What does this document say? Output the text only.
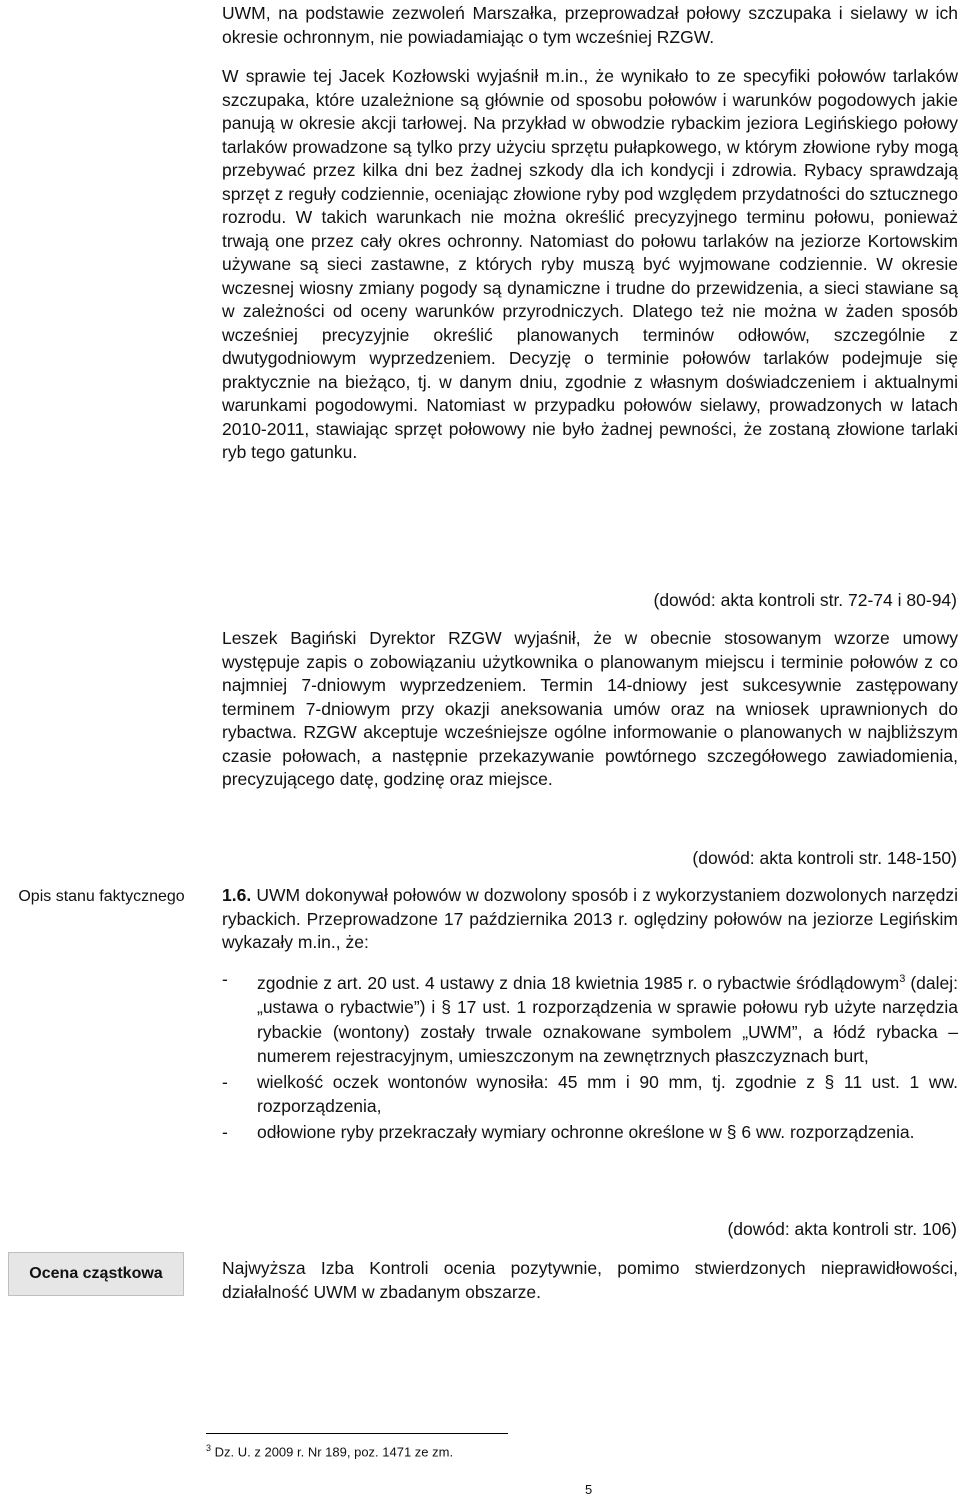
UWM, na podstawie zezwoleń Marszałka, przeprowadzał połowy szczupaka i sielawy w ich okresie ochronnym, nie powiadamiając o tym wcześniej RZGW.

W sprawie tej Jacek Kozłowski wyjaśnił m.in., że wynikało to ze specyfiki połowów tarlaków szczupaka, które uzależnione są głównie od sposobu połowów i warunków pogodowych jakie panują w okresie akcji tarłowej. Na przykład w obwodzie rybackim jeziora Legińskiego połowy tarlaków prowadzone są tylko przy użyciu sprzętu pułapkowego, w którym złowione ryby mogą przebywać przez kilka dni bez żadnej szkody dla ich kondycji i zdrowia. Rybacy sprawdzają sprzęt z reguły codziennie, oceniając złowione ryby pod względem przydatności do sztucznego rozrodu. W takich warunkach nie można określić precyzyjnego terminu połowu, ponieważ trwają one przez cały okres ochronny. Natomiast do połowu tarlaków na jeziorze Kortowskim używane są sieci zastawne, z których ryby muszą być wyjmowane codziennie. W okresie wczesnej wiosny zmiany pogody są dynamiczne i trudne do przewidzenia, a sieci stawiane są w zależności od oceny warunków przyrodniczych. Dlatego też nie można w żaden sposób wcześniej precyzyjnie określić planowanych terminów odłowów, szczególnie z dwutygodniowym wyprzedzeniem. Decyzję o terminie połowów tarlaków podejmuje się praktycznie na bieżąco, tj. w danym dniu, zgodnie z własnym doświadczeniem i aktualnymi warunkami pogodowymi. Natomiast w przypadku połowów sielawy, prowadzonych w latach 2010-2011, stawiając sprzęt połowowy nie było żadnej pewności, że zostaną złowione tarlaki ryb tego gatunku.

(dowód: akta kontroli str. 72-74 i 80-94)

Leszek Bagiński Dyrektor RZGW wyjaśnił, że w obecnie stosowanym wzorze umowy występuje zapis o zobowiązaniu użytkownika o planowanym miejscu i terminie połowów z co najmniej 7-dniowym wyprzedzeniem. Termin 14-dniowy jest sukcesywnie zastępowany terminem 7-dniowym przy okazji aneksowania umów oraz na wniosek uprawnionych do rybactwa. RZGW akceptuje wcześniejsze ogólne informowanie o planowanych w najbliższym czasie połowach, a następnie przekazywanie powtórnego szczegółowego zawiadomienia, precyzującego datę, godzinę oraz miejsce.

(dowód: akta kontroli str. 148-150)

Opis stanu faktycznego 1.6. UWM dokonywał połowów w dozwolony sposób i z wykorzystaniem dozwolonych narzędzi rybackich. Przeprowadzone 17 października 2013 r. oględziny połowów na jeziorze Legińskim wykazały m.in., że:

- zgodnie z art. 20 ust. 4 ustawy z dnia 18 kwietnia 1985 r. o rybactwie śródlądowym$^3$ (dalej: „ustawa o rybactwie”) i § 17 ust. 1 rozporządzenia w sprawie połowu ryb użyte narzędzia rybackie (wontony) zostały trwale oznakowane symbolem „UWM”, a łódź rybacka – numerem rejestracyjnym, umieszczonym na zewnętrznych płaszczyznach burt,
- wielkość oczek wontonów wynosiła: 45 mm i 90 mm, tj. zgodnie z § 11 ust. 1 ww. rozporządzenia,
- odłowione ryby przekraczały wymiary ochronne określone w § 6 ww. rozporządzenia.

(dowód: akta kontroli str. 106)

Ocena cząstkowa	Najwyższa Izba Kontroli ocenia pozytywnie, pomimo stwierdzonych nieprawidłowości, działalność UWM w zbadanym obszarze.

$^3$ Dz. U. z 2009 r. Nr 189, poz. 1471 ze zm.
5
